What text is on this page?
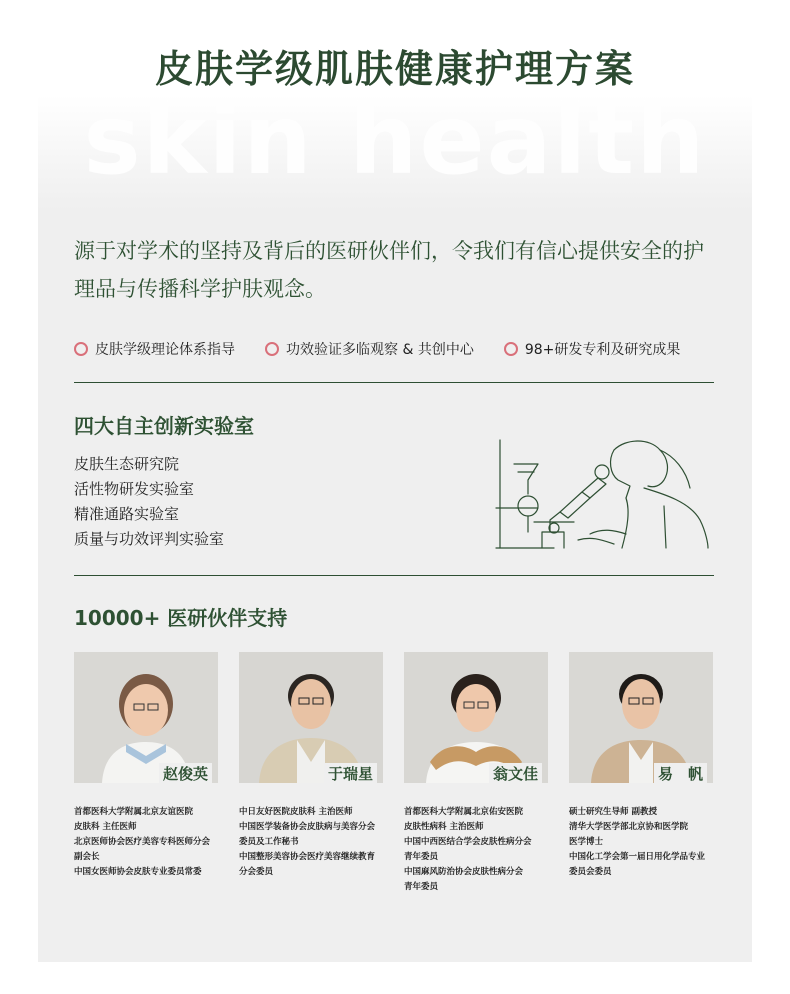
skin health
皮肤学级肌肤健康护理方案
源于对学术的坚持及背后的医研伙伴们，令我们有信心提供安全的护理品与传播科学护肤观念。
皮肤学级理论体系指导	功效验证多临观察 & 共创中心	98+研发专利及研究成果
四大自主创新实验室
皮肤生态研究院
活性物研发实验室
精准通路实验室
质量与功效评判实验室
10000+ 医研伙伴支持
赵俊英
首都医科大学附属北京友谊医院
皮肤科 主任医师
北京医师协会医疗美容专科医师分会
副会长
中国女医师协会皮肤专业委员常委
于瑞星
中日友好医院皮肤科 主治医师
中国医学装备协会皮肤病与美容分会
委员及工作秘书
中国整形美容协会医疗美容继续教育
分会委员
翁文佳
首都医科大学附属北京佑安医院
皮肤性病科 主治医师
中国中西医结合学会皮肤性病分会
青年委员
中国麻风防治协会皮肤性病分会
青年委员
易　帆
硕士研究生导师 副教授
清华大学医学部北京协和医学院
医学博士
中国化工学会第一届日用化学品专业
委员会委员
